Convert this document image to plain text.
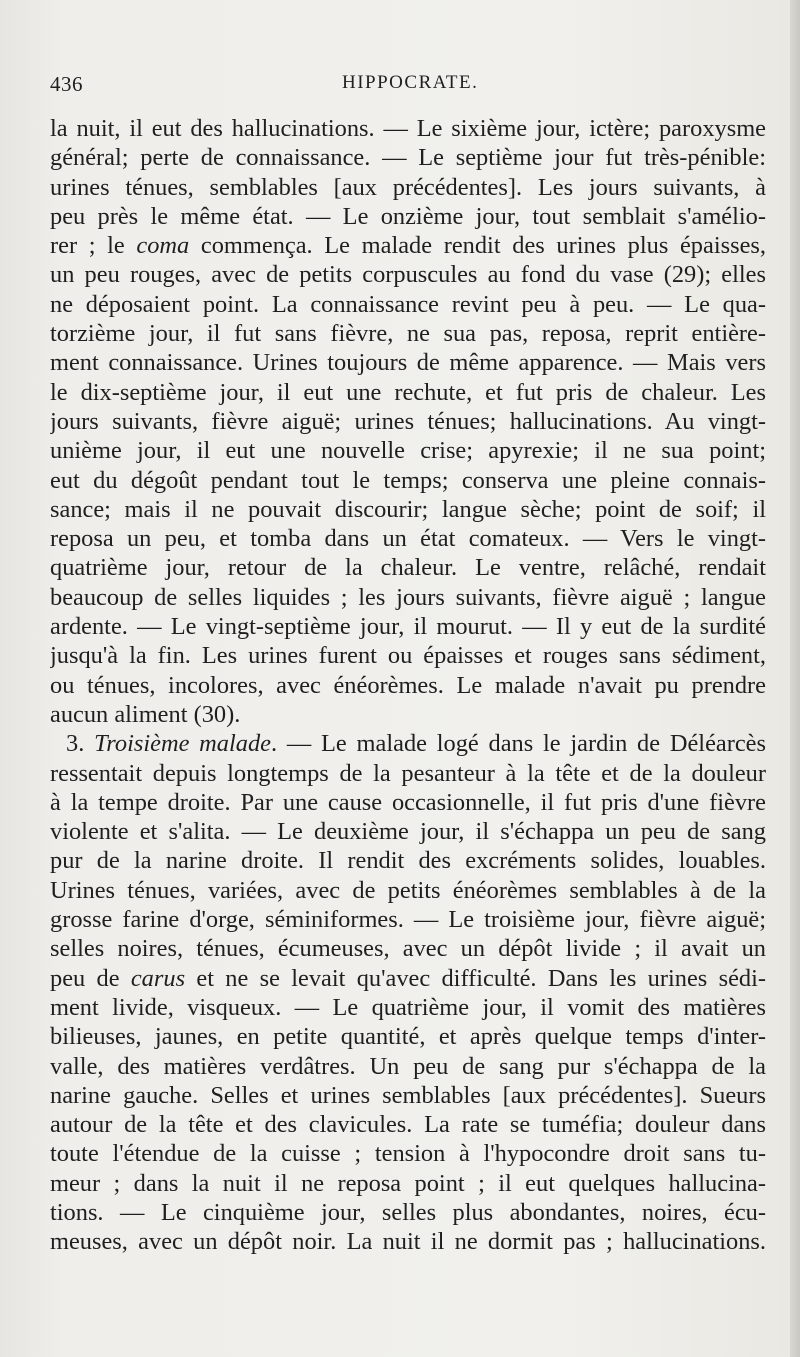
436	HIPPOCRATE.
la nuit, il eut des hallucinations. — Le sixième jour, ictère; paroxysme
général; perte de connaissance. — Le septième jour fut très-pénible:
urines ténues, semblables [aux précédentes]. Les jours suivants, à
peu près le même état. — Le onzième jour, tout semblait s'amélio-
rer ; le coma commença. Le malade rendit des urines plus épaisses,
un peu rouges, avec de petits corpuscules au fond du vase (29); elles
ne déposaient point. La connaissance revint peu à peu. — Le qua-
torzième jour, il fut sans fièvre, ne sua pas, reposa, reprit entière-
ment connaissance. Urines toujours de même apparence. — Mais vers
le dix-septième jour, il eut une rechute, et fut pris de chaleur. Les
jours suivants, fièvre aiguë; urines ténues; hallucinations. Au vingt-
unième jour, il eut une nouvelle crise; apyrexie; il ne sua point;
eut du dégoût pendant tout le temps; conserva une pleine connais-
sance; mais il ne pouvait discourir; langue sèche; point de soif; il
reposa un peu, et tomba dans un état comateux. — Vers le vingt-
quatrième jour, retour de la chaleur. Le ventre, relâché, rendait
beaucoup de selles liquides ; les jours suivants, fièvre aiguë ; langue
ardente. — Le vingt-septième jour, il mourut. — Il y eut de la surdité
jusqu'à la fin. Les urines furent ou épaisses et rouges sans sédiment,
ou ténues, incolores, avec énéorèmes. Le malade n'avait pu prendre
aucun aliment (30).
3. Troisième malade. — Le malade logé dans le jardin de Déléarcès
ressentait depuis longtemps de la pesanteur à la tête et de la douleur
à la tempe droite. Par une cause occasionnelle, il fut pris d'une fièvre
violente et s'alita. — Le deuxième jour, il s'échappa un peu de sang
pur de la narine droite. Il rendit des excréments solides, louables.
Urines ténues, variées, avec de petits énéorèmes semblables à de la
grosse farine d'orge, séminiformes. — Le troisième jour, fièvre aiguë;
selles noires, ténues, écumeuses, avec un dépôt livide ; il avait un
peu de carus et ne se levait qu'avec difficulté. Dans les urines sédi-
ment livide, visqueux. — Le quatrième jour, il vomit des matières
bilieuses, jaunes, en petite quantité, et après quelque temps d'inter-
valle, des matières verdâtres. Un peu de sang pur s'échappa de la
narine gauche. Selles et urines semblables [aux précédentes]. Sueurs
autour de la tête et des clavicules. La rate se tuméfia; douleur dans
toute l'étendue de la cuisse ; tension à l'hypocondre droit sans tu-
meur ; dans la nuit il ne reposa point ; il eut quelques hallucina-
tions. — Le cinquième jour, selles plus abondantes, noires, écu-
meuses, avec un dépôt noir. La nuit il ne dormit pas ; hallucinations.
